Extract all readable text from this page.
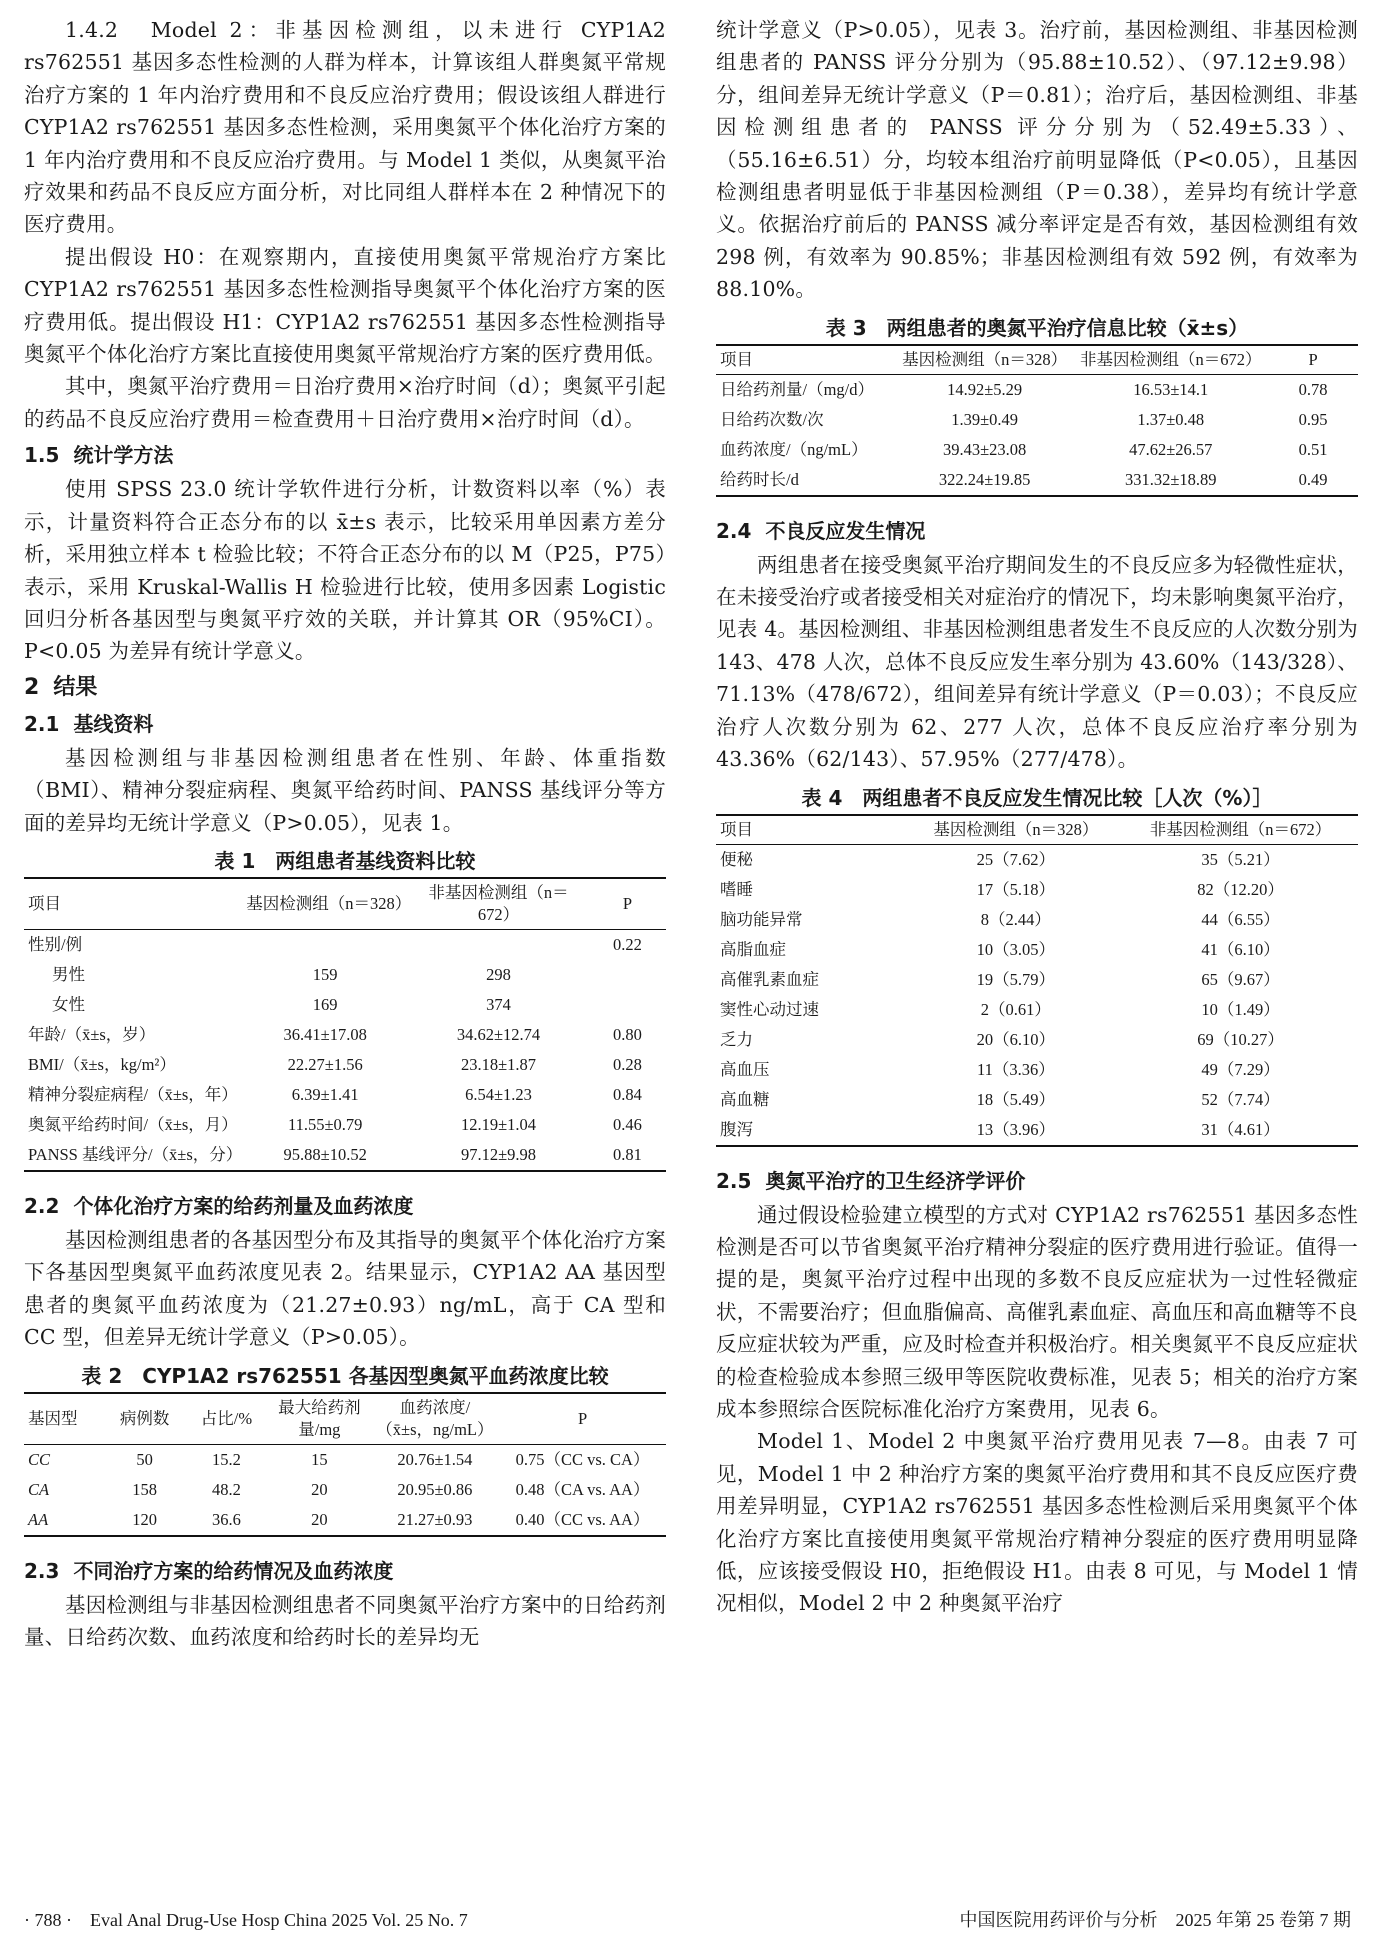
1.4.2　Model 2：非基因检测组，以未进行 CYP1A2 rs762551 基因多态性检测的人群为样本，计算该组人群奥氮平常规治疗方案的 1 年内治疗费用和不良反应治疗费用；假设该组人群进行 CYP1A2 rs762551 基因多态性检测，采用奥氮平个体化治疗方案的 1 年内治疗费用和不良反应治疗费用。与 Model 1 类似，从奥氮平治疗效果和药品不良反应方面分析，对比同组人群样本在 2 种情况下的医疗费用。

提出假设 H0：在观察期内，直接使用奥氮平常规治疗方案比 CYP1A2 rs762551 基因多态性检测指导奥氮平个体化治疗方案的医疗费用低。提出假设 H1：CYP1A2 rs762551 基因多态性检测指导奥氮平个体化治疗方案比直接使用奥氮平常规治疗方案的医疗费用低。

其中，奥氮平治疗费用＝日治疗费用×治疗时间（d）；奥氮平引起的药品不良反应治疗费用＝检查费用＋日治疗费用×治疗时间（d）。

1.5 统计学方法

使用 SPSS 23.0 统计学软件进行分析，计数资料以率（%）表示，计量资料符合正态分布的以 x̄±s 表示，比较采用单因素方差分析，采用独立样本 t 检验比较；不符合正态分布的以 M（P25，P75）表示，采用 Kruskal-Wallis H 检验进行比较，使用多因素 Logistic 回归分析各基因型与奥氮平疗效的关联，并计算其 OR（95%CI）。P<0.05 为差异有统计学意义。

2 结果
2.1 基线资料

基因检测组与非基因检测组患者在性别、年龄、体重指数（BMI）、精神分裂症病程、奥氮平给药时间、PANSS 基线评分等方面的差异均无统计学意义（P>0.05），见表 1。

表 1　两组患者基线资料比较
项目	基因检测组（n＝328）	非基因检测组（n＝672）	P
性别/例			0.22
男性	159	298	
女性	169	374	
年龄/（x̄±s，岁）	36.41±17.08	34.62±12.74	0.80
BMI/（x̄±s，kg/m²）	22.27±1.56	23.18±1.87	0.28
精神分裂症病程/（x̄±s，年）	6.39±1.41	6.54±1.23	0.84
奥氮平给药时间/（x̄±s，月）	11.55±0.79	12.19±1.04	0.46
PANSS 基线评分/（x̄±s，分）	95.88±10.52	97.12±9.98	0.81
2.2 个体化治疗方案的给药剂量及血药浓度

基因检测组患者的各基因型分布及其指导的奥氮平个体化治疗方案下各基因型奥氮平血药浓度见表 2。结果显示，CYP1A2 AA 基因型患者的奥氮平血药浓度为（21.27±0.93）ng/mL，高于 CA 型和 CC 型，但差异无统计学意义（P>0.05）。

表 2　CYP1A2 rs762551 各基因型奥氮平血药浓度比较
基因型	病例数	占比/%	最大给药剂量/mg	血药浓度/（x̄±s，ng/mL）	P
CC	50	15.2	15	20.76±1.54	0.75（CC vs. CA）
CA	158	48.2	20	20.95±0.86	0.48（CA vs. AA）
AA	120	36.6	20	21.27±0.93	0.40（CC vs. AA）
2.3 不同治疗方案的给药情况及血药浓度

基因检测组与非基因检测组患者不同奥氮平治疗方案中的日给药剂量、日给药次数、血药浓度和给药时长的差异均无

统计学意义（P>0.05），见表 3。治疗前，基因检测组、非基因检测组患者的 PANSS 评分分别为（95.88±10.52）、（97.12±9.98）分，组间差异无统计学意义（P＝0.81）；治疗后，基因检测组、非基因检测组患者的 PANSS 评分分别为（52.49±5.33）、（55.16±6.51）分，均较本组治疗前明显降低（P<0.05），且基因检测组患者明显低于非基因检测组（P＝0.38），差异均有统计学意义。依据治疗前后的 PANSS 减分率评定是否有效，基因检测组有效 298 例，有效率为 90.85%；非基因检测组有效 592 例，有效率为 88.10%。

表 3　两组患者的奥氮平治疗信息比较（x̄±s）
项目	基因检测组（n＝328）	非基因检测组（n＝672）	P
日给药剂量/（mg/d）	14.92±5.29	16.53±14.1	0.78
日给药次数/次	1.39±0.49	1.37±0.48	0.95
血药浓度/（ng/mL）	39.43±23.08	47.62±26.57	0.51
给药时长/d	322.24±19.85	331.32±18.89	0.49
2.4 不良反应发生情况

两组患者在接受奥氮平治疗期间发生的不良反应多为轻微性症状，在未接受治疗或者接受相关对症治疗的情况下，均未影响奥氮平治疗，见表 4。基因检测组、非基因检测组患者发生不良反应的人次数分别为 143、478 人次，总体不良反应发生率分别为 43.60%（143/328）、71.13%（478/672），组间差异有统计学意义（P＝0.03）；不良反应治疗人次数分别为 62、277 人次，总体不良反应治疗率分别为 43.36%（62/143）、57.95%（277/478）。

表 4　两组患者不良反应发生情况比较［人次（%）］
项目	基因检测组（n＝328）	非基因检测组（n＝672）
便秘	25（7.62）	35（5.21）
嗜睡	17（5.18）	82（12.20）
脑功能异常	8（2.44）	44（6.55）
高脂血症	10（3.05）	41（6.10）
高催乳素血症	19（5.79）	65（9.67）
窦性心动过速	2（0.61）	10（1.49）
乏力	20（6.10）	69（10.27）
高血压	11（3.36）	49（7.29）
高血糖	18（5.49）	52（7.74）
腹泻	13（3.96）	31（4.61）
2.5 奥氮平治疗的卫生经济学评价

通过假设检验建立模型的方式对 CYP1A2 rs762551 基因多态性检测是否可以节省奥氮平治疗精神分裂症的医疗费用进行验证。值得一提的是，奥氮平治疗过程中出现的多数不良反应症状为一过性轻微症状，不需要治疗；但血脂偏高、高催乳素血症、高血压和高血糖等不良反应症状较为严重，应及时检查并积极治疗。相关奥氮平不良反应症状的检查检验成本参照三级甲等医院收费标准，见表 5；相关的治疗方案成本参照综合医院标准化治疗方案费用，见表 6。

Model 1、Model 2 中奥氮平治疗费用见表 7—8。由表 7 可见，Model 1 中 2 种治疗方案的奥氮平治疗费用和其不良反应医疗费用差异明显，CYP1A2 rs762551 基因多态性检测后采用奥氮平个体化治疗方案比直接使用奥氮平常规治疗精神分裂症的医疗费用明显降低，应该接受假设 H0，拒绝假设 H1。由表 8 可见，与 Model 1 情况相似，Model 2 中 2 种奥氮平治疗

· 788 ·　Eval Anal Drug-Use Hosp China 2025 Vol. 25 No. 7	中国医院用药评价与分析　2025 年第 25 卷第 7 期
